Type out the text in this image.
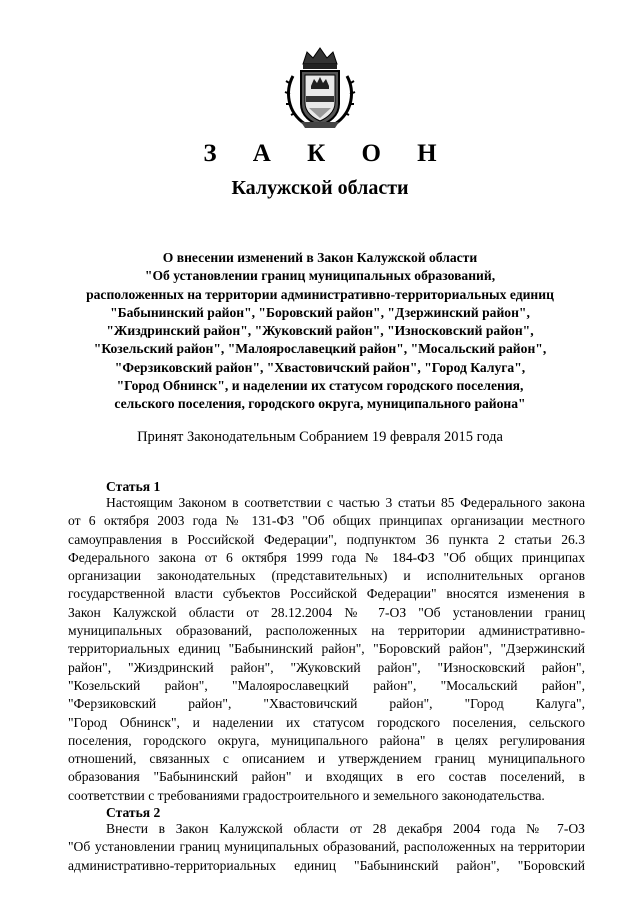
З А К О Н
Калужской области
О внесении изменений в Закон Калужской области
"Об установлении границ муниципальных образований,
расположенных на территории административно-территориальных единиц
"Бабынинский район", "Боровский район", "Дзержинский район",
"Жиздринский район", "Жуковский район", "Износковский район",
"Козельский район", "Малоярославецкий район", "Мосальский район",
"Ферзиковский район", "Хвастовичский район", "Город Калуга",
"Город Обнинск", и наделении их статусом городского поселения,
сельского поселения, городского округа, муниципального района"
Принят Законодательным Собранием 19 февраля 2015 года
Статья 1
Настоящим Законом в соответствии с частью 3 статьи 85 Федерального закона
от 6 октября 2003 года № 131-ФЗ "Об общих принципах организации местного
самоуправления в Российской Федерации", подпунктом 36 пункта 2 статьи 26.3
Федерального закона от 6 октября 1999 года № 184-ФЗ "Об общих принципах
организации законодательных (представительных) и исполнительных органов
государственной власти субъектов Российской Федерации" вносятся изменения в
Закон Калужской области от 28.12.2004 № 7-ОЗ "Об установлении границ
муниципальных образований, расположенных на территории административно-
территориальных единиц "Бабынинский район", "Боровский район", "Дзержинский
район", "Жиздринский район", "Жуковский район", "Износковский район",
"Козельский район", "Малоярославецкий район", "Мосальский район",
"Ферзиковский район", "Хвастовичский район", "Город Калуга",
"Город Обнинск", и наделении их статусом городского поселения, сельского
поселения, городского округа, муниципального района" в целях регулирования
отношений, связанных с описанием и утверждением границ муниципального
образования "Бабынинский район" и входящих в его состав поселений, в
соответствии с требованиями градостроительного и земельного законодательства.
Статья 2
Внести в Закон Калужской области от 28 декабря 2004 года № 7-ОЗ
"Об установлении границ муниципальных образований, расположенных на территории
административно-территориальных единиц "Бабынинский район", "Боровский
